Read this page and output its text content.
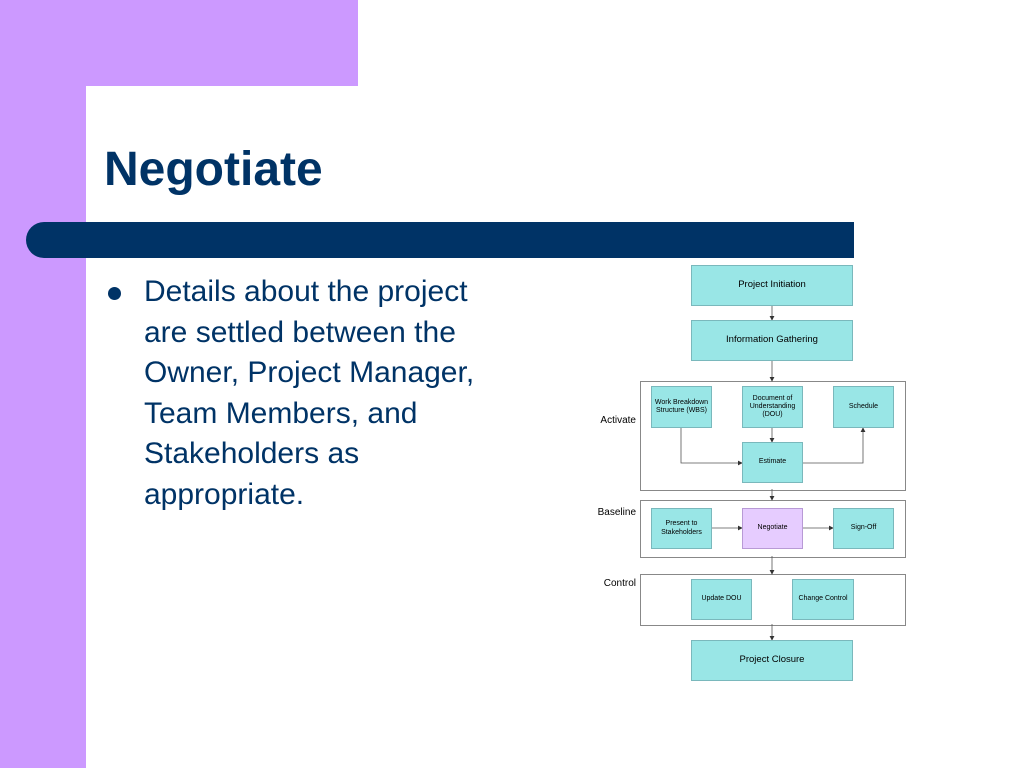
Negotiate
Details about the project are settled between the Owner, Project Manager, Team Members, and Stakeholders as appropriate.
Activate
Baseline
Control
Project Initiation
Information Gathering
Work Breakdown Structure (WBS)
Document of Understanding (DOU)
Schedule
Estimate
Present to Stakeholders
Negotiate	Sign-Off
Update DOU	Change Control
Project Closure
